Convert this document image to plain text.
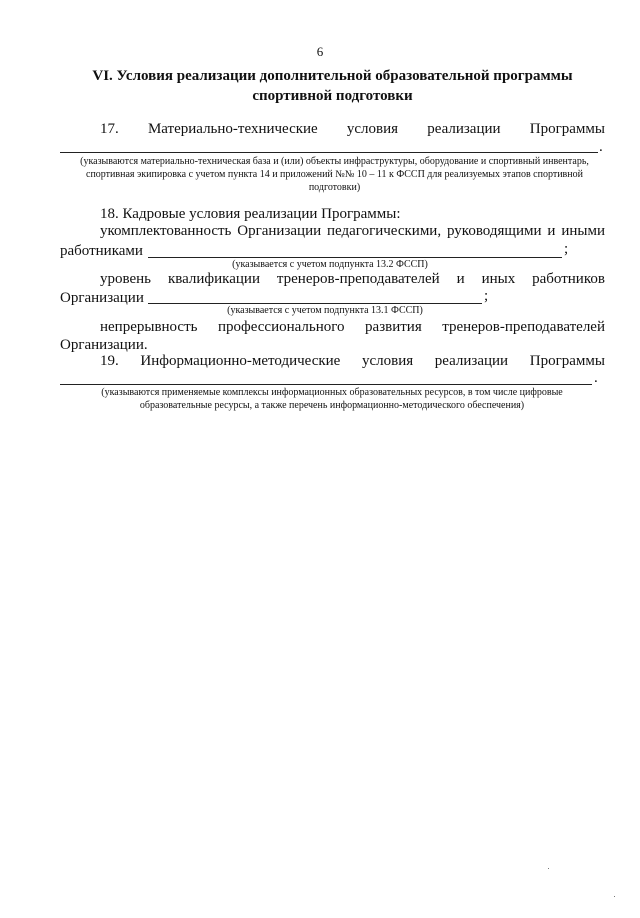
6
VI. Условия реализации дополнительной образовательной программы спортивной подготовки
17. Материально-технические условия реализации Программы
.
(указываются материально-техническая база и (или) объекты инфраструктуры, оборудование и спортивный инвентарь, спортивная экипировка с учетом пункта 14 и приложений №№ 10 – 11 к ФССП для реализуемых этапов спортивной подготовки)
18. Кадровые условия реализации Программы:
укомплектованность Организации педагогическими, руководящими и иными
работниками	;
(указывается с учетом подпункта 13.2 ФССП)
уровень квалификации тренеров-преподавателей и иных работников
Организации	;
(указывается с учетом подпункта 13.1 ФССП)
непрерывность профессионального развития тренеров-преподавателей
Организации.
19. Информационно-методические условия реализации Программы
.
(указываются применяемые комплексы информационных образовательных ресурсов, в том числе цифровые образовательные ресурсы, а также перечень информационно-методического обеспечения)
